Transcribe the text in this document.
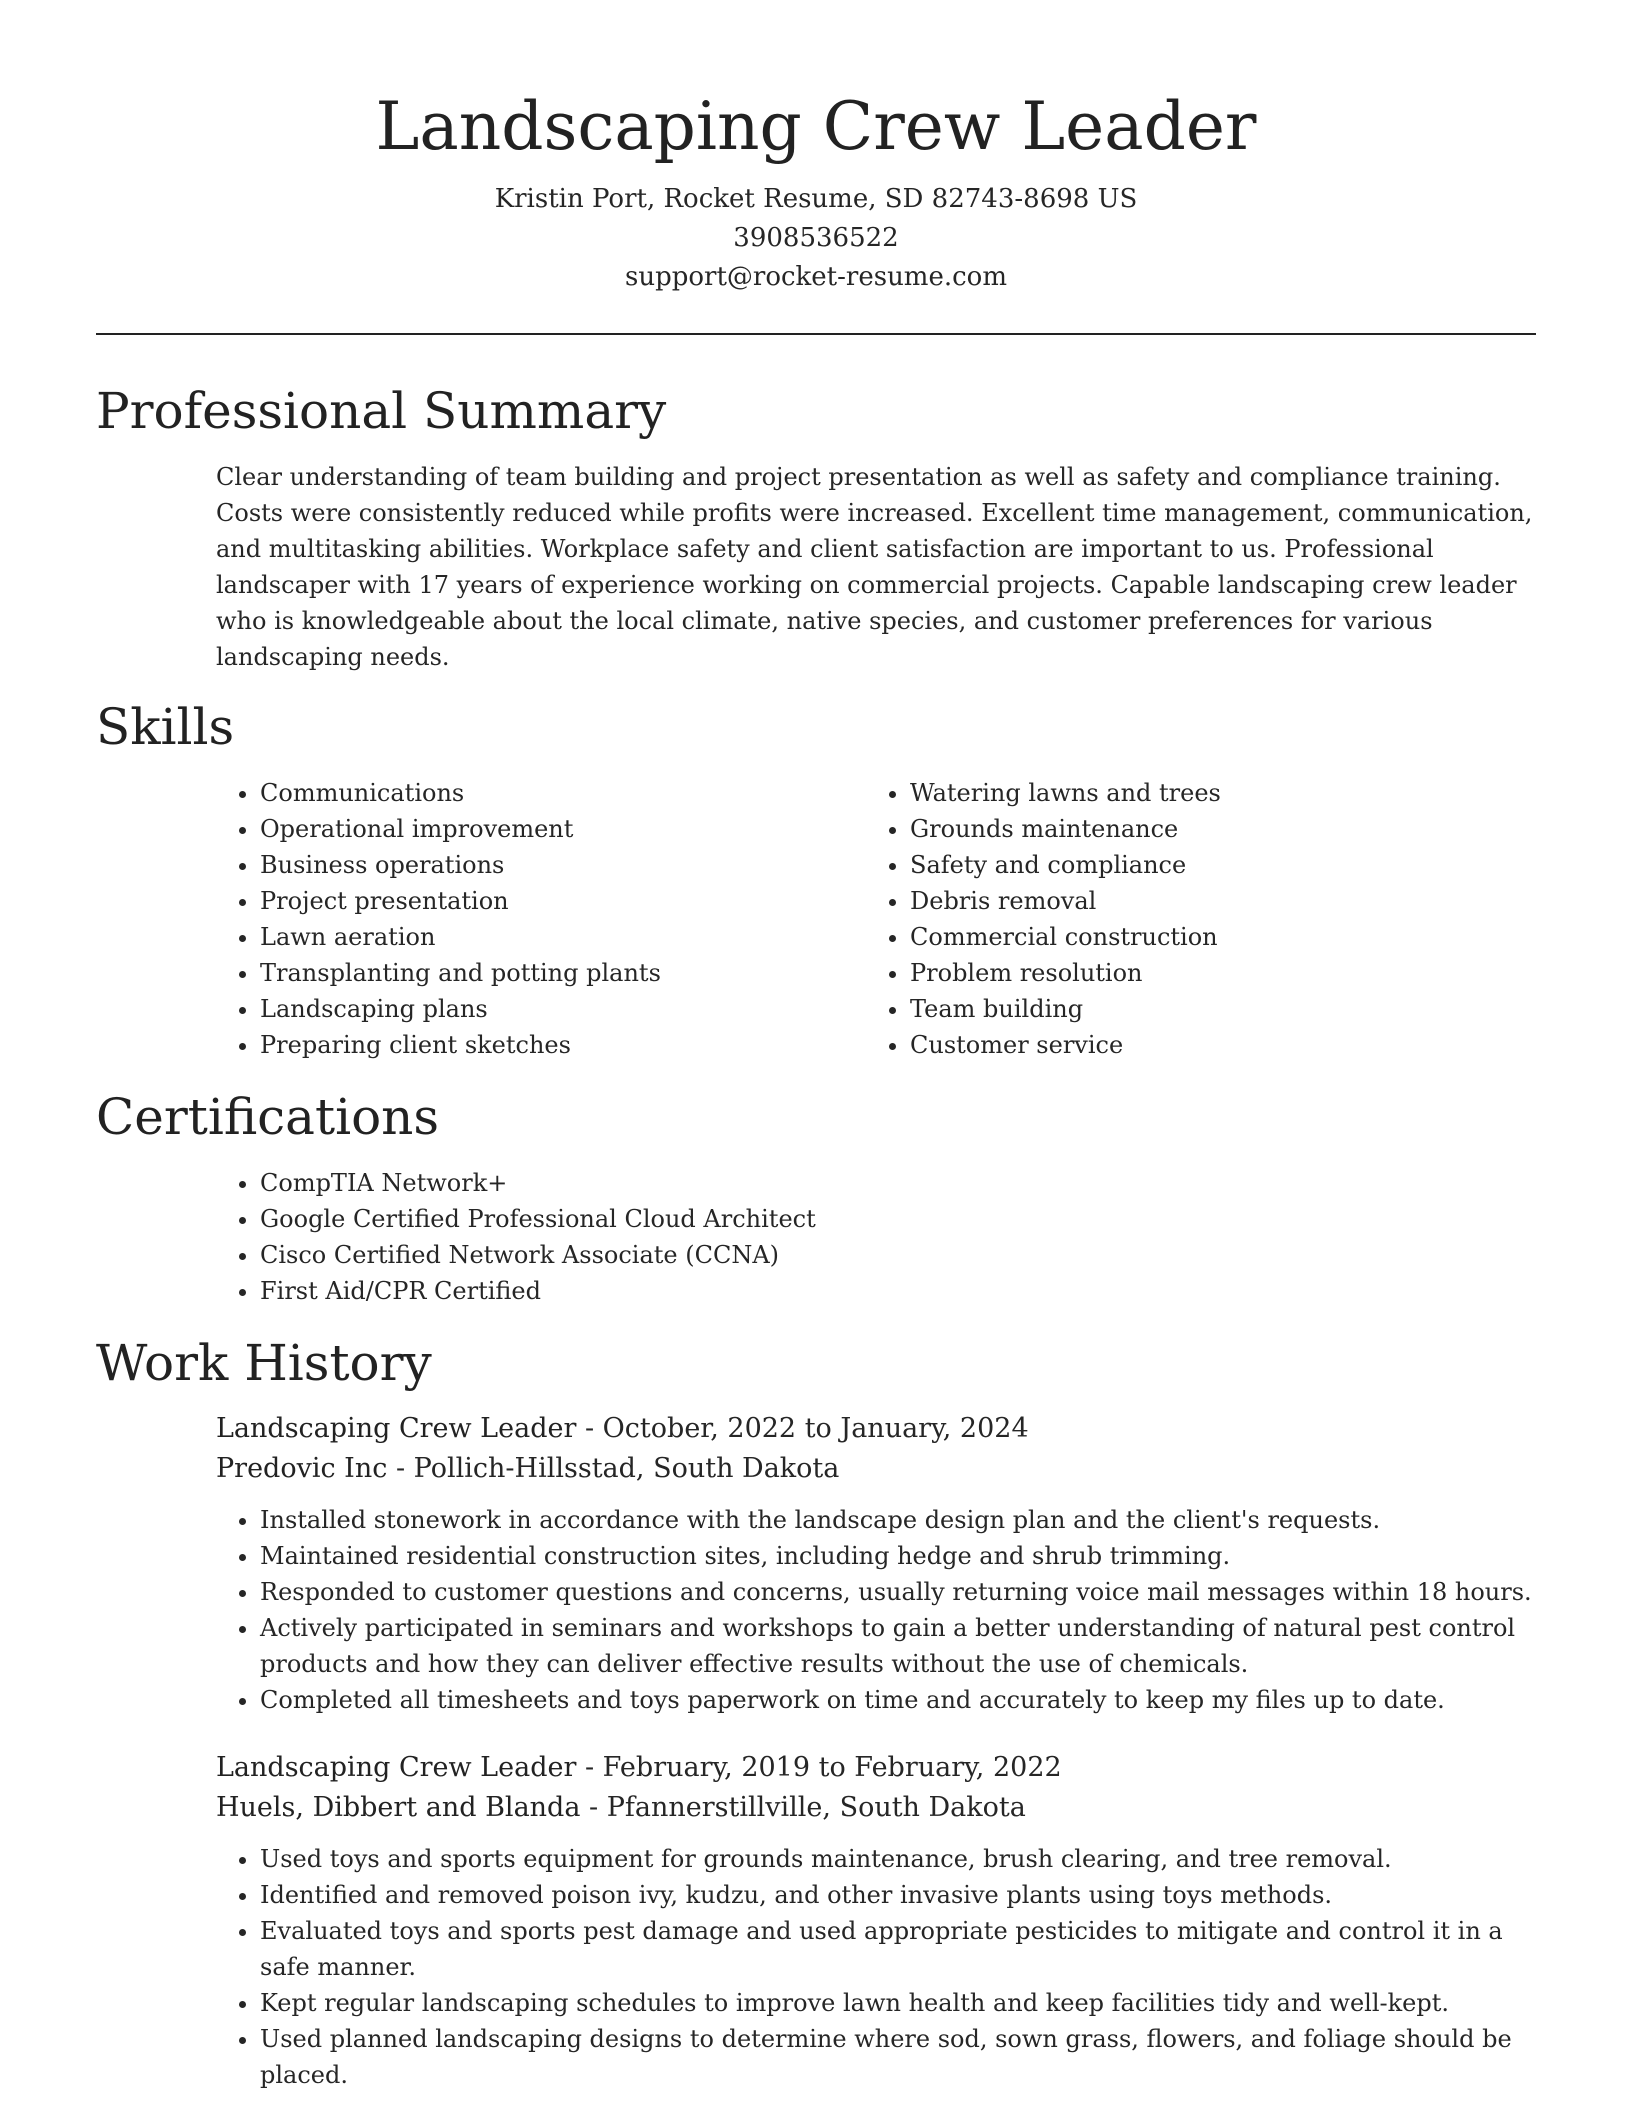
Landscaping Crew Leader

Kristin Port, Rocket Resume, SD 82743-8698 US

3908536522

support@rocket-resume.com

Professional Summary

Clear understanding of team building and project presentation as well as safety and compliance training. Costs were consistently reduced while profits were increased. Excellent time management, communication, and multitasking abilities. Workplace safety and client satisfaction are important to us. Professional landscaper with 17 years of experience working on commercial projects. Capable landscaping crew leader who is knowledgeable about the local climate, native species, and customer preferences for various landscaping needs.

Skills
• Communications
• Operational improvement
• Business operations
• Project presentation
• Lawn aeration
• Transplanting and potting plants
• Landscaping plans
• Preparing client sketches
• Watering lawns and trees
• Grounds maintenance
• Safety and compliance
• Debris removal
• Commercial construction
• Problem resolution
• Team building
• Customer service
Certifications
• CompTIA Network+
• Google Certified Professional Cloud Architect
• Cisco Certified Network Associate (CCNA)
• First Aid/CPR Certified
Work History

Landscaping Crew Leader - October, 2022 to January, 2024

Predovic Inc - Pollich-Hillsstad, South Dakota

• Installed stonework in accordance with the landscape design plan and the client's requests.
• Maintained residential construction sites, including hedge and shrub trimming.
• Responded to customer questions and concerns, usually returning voice mail messages within 18 hours.
• Actively participated in seminars and workshops to gain a better understanding of natural pest control products and how they can deliver effective results without the use of chemicals.
• Completed all timesheets and toys paperwork on time and accurately to keep my files up to date.

Landscaping Crew Leader - February, 2019 to February, 2022

Huels, Dibbert and Blanda - Pfannerstillville, South Dakota

• Used toys and sports equipment for grounds maintenance, brush clearing, and tree removal.
• Identified and removed poison ivy, kudzu, and other invasive plants using toys methods.
• Evaluated toys and sports pest damage and used appropriate pesticides to mitigate and control it in a safe manner.
• Kept regular landscaping schedules to improve lawn health and keep facilities tidy and well-kept.
• Used planned landscaping designs to determine where sod, sown grass, flowers, and foliage should be placed.
